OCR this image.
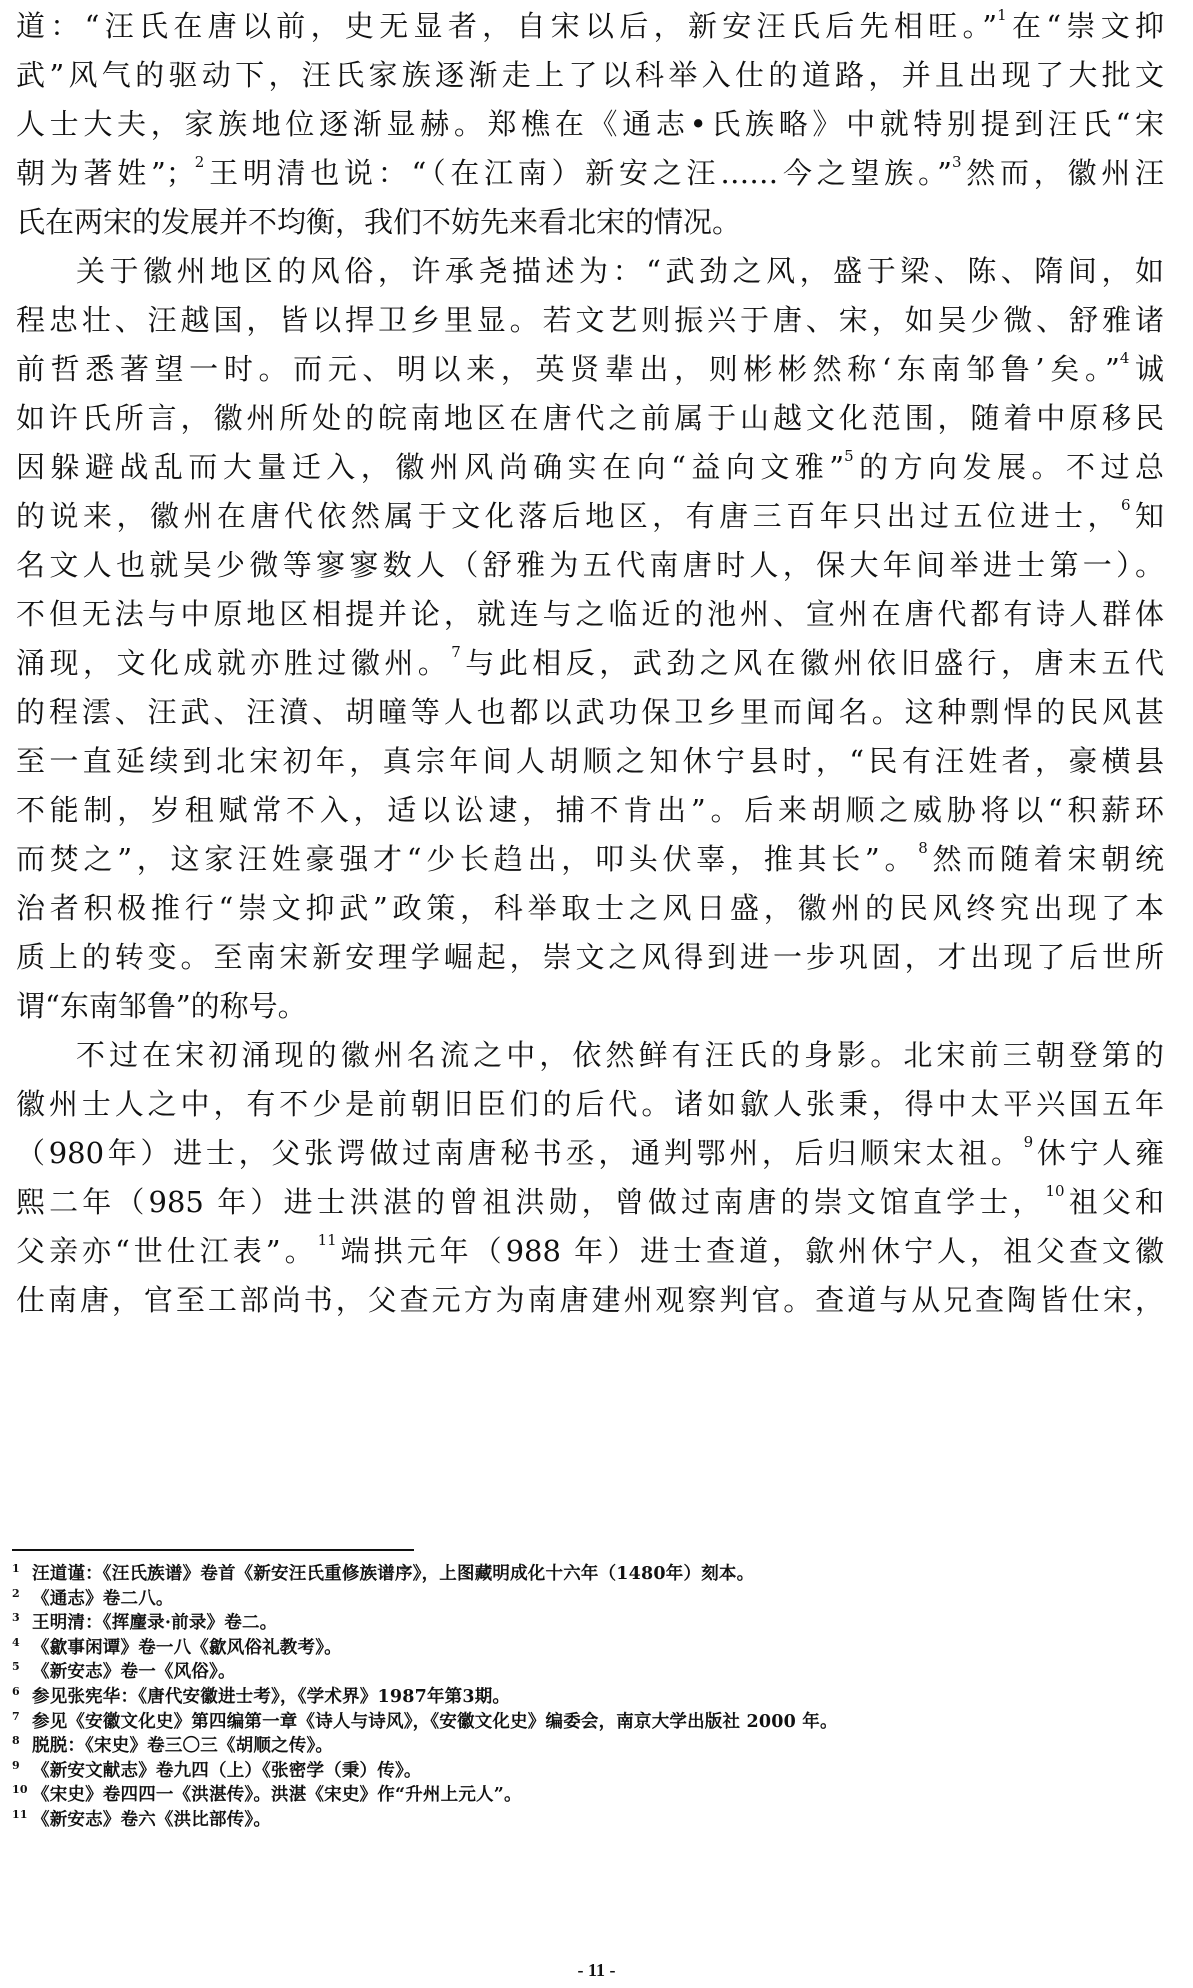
道：“汪氏在唐以前，史无显者，自宋以后，新安汪氏后先相旺。”$^1$在“崇文抑
武”风气的驱动下，汪氏家族逐渐走上了以科举入仕的道路，并且出现了大批文
人士大夫，家族地位逐渐显赫。郑樵在《通志•氏族略》中就特别提到汪氏“宋
朝为著姓”；$^2$王明清也说：“（在江南）新安之汪……今之望族。”$^3$然而，徽州汪
氏在两宋的发展并不均衡，我们不妨先来看北宋的情况。
关于徽州地区的风俗，许承尧描述为：“武劲之风，盛于梁、陈、隋间，如
程忠壮、汪越国，皆以捍卫乡里显。若文艺则振兴于唐、宋，如吴少微、舒雅诸
前哲悉著望一时。而元、明以来，英贤辈出，则彬彬然称‘东南邹鲁’矣。”$^4$诚
如许氏所言，徽州所处的皖南地区在唐代之前属于山越文化范围，随着中原移民
因躲避战乱而大量迁入，徽州风尚确实在向“益向文雅”$^5$的方向发展。不过总
的说来，徽州在唐代依然属于文化落后地区，有唐三百年只出过五位进士，$^6$知
名文人也就吴少微等寥寥数人（舒雅为五代南唐时人，保大年间举进士第一）。
不但无法与中原地区相提并论，就连与之临近的池州、宣州在唐代都有诗人群体
涌现，文化成就亦胜过徽州。$^7$与此相反，武劲之风在徽州依旧盛行，唐末五代
的程澐、汪武、汪濆、胡曈等人也都以武功保卫乡里而闻名。这种剽悍的民风甚
至一直延续到北宋初年，真宗年间人胡顺之知休宁县时，“民有汪姓者，豪横县
不能制，岁租赋常不入，适以讼逮，捕不肯出”。后来胡顺之威胁将以“积薪环
而焚之”，这家汪姓豪强才“少长趋出，叩头伏辜，推其长”。$^8$然而随着宋朝统
治者积极推行“崇文抑武”政策，科举取士之风日盛，徽州的民风终究出现了本
质上的转变。至南宋新安理学崛起，崇文之风得到进一步巩固，才出现了后世所
谓“东南邹鲁”的称号。
不过在宋初涌现的徽州名流之中，依然鲜有汪氏的身影。北宋前三朝登第的
徽州士人之中，有不少是前朝旧臣们的后代。诸如歙人张秉，得中太平兴国五年
（980年）进士，父张谔做过南唐秘书丞，通判鄂州，后归顺宋太祖。$^9$休宁人雍
熙二年（985 年）进士洪湛的曾祖洪勋，曾做过南唐的崇文馆直学士，$^{10}$祖父和
父亲亦“世仕江表”。$^{11}$端拱元年（988 年）进士查道，歙州休宁人，祖父查文徽
仕南唐，官至工部尚书，父查元方为南唐建州观察判官。查道与从兄查陶皆仕宋，
1 汪道谨：《汪氏族谱》卷首《新安汪氏重修族谱序》，上图藏明成化十六年（1480年）刻本。
2 《通志》卷二八。
3 王明清：《挥麈录·前录》卷二。
4 《歙事闲谭》卷一八《歙风俗礼教考》。
5 《新安志》卷一《风俗》。
6 参见张宪华：《唐代安徽进士考》，《学术界》1987年第3期。
7 参见《安徽文化史》第四编第一章《诗人与诗风》，《安徽文化史》编委会，南京大学出版社 2000 年。
8 脱脱：《宋史》卷三〇三《胡顺之传》。
9 《新安文献志》卷九四（上）《张密学（秉）传》。
10 《宋史》卷四四一《洪湛传》。洪湛《宋史》作“升州上元人”。
11 《新安志》卷六《洪比部传》。
- 11 -
